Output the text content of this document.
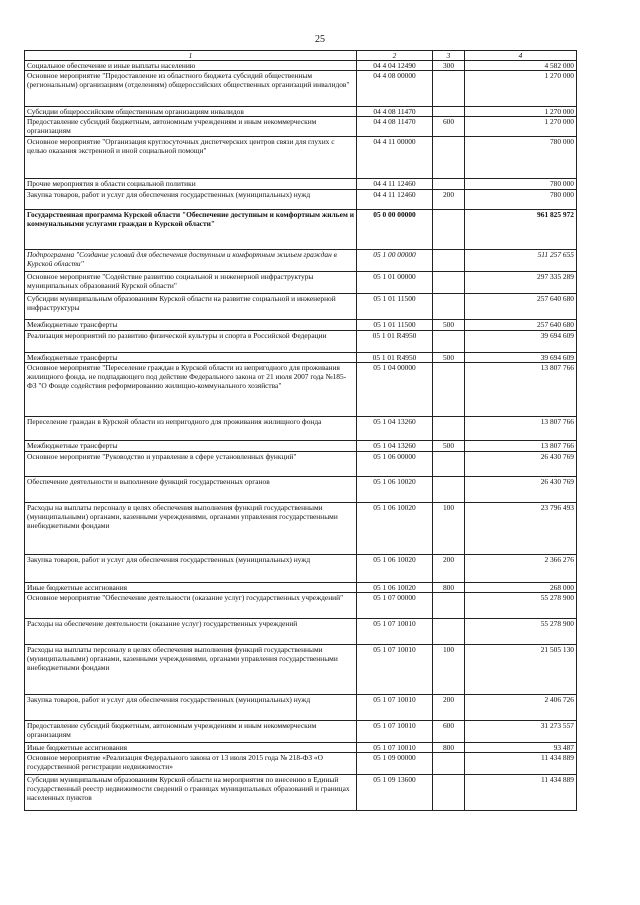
25
1	2	3	4
Социальное обеспечение и иные выплаты населению	04 4 04 12490	300	4 582 000
Основное мероприятие "Предоставление из областного бюджета субсидий общественным (региональным) организациям (отделениям) общероссийских общественных организаций инвалидов"	04 4 08 00000		1 270 000
Субсидии общероссийским общественным организациям инвалидов	04 4 08 11470		1 270 000
Предоставление субсидий бюджетным, автономным учреждениям и иным некоммерческим организациям	04 4 08 11470	600	1 270 000
Основное мероприятие "Организация круглосуточных диспетчерских центров связи для глухих с целью оказания экстренной и иной социальной помощи"	04 4 11 00000		780 000
Прочие мероприятия в области социальной политики	04 4 11 12460		780 000
Закупка товаров, работ и услуг для обеспечения государственных (муниципальных) нужд	04 4 11 12460	200	780 000
Государственная программа Курской области "Обеспечение доступным и комфортным жильем и коммунальными услугами граждан в Курской области"	05 0 00 00000		961 825 972
Подпрограмма "Создание условий для обеспечения доступным и комфортным жильем граждан в Курской области"	05 1 00 00000		511 257 655
Основное мероприятие "Содействие развитию социальной и инженерной инфраструктуры муниципальных образований Курской области"	05 1 01 00000		297 335 289
Субсидии муниципальным образованиям Курской области на развитие социальной и инженерной инфраструктуры	05 1 01 11500		257 640 680
Межбюджетные трансферты	05 1 01 11500	500	257 640 680
Реализация мероприятий по развитию физической культуры и спорта в Российской Федерации	05 1 01 R4950		39 694 609
Межбюджетные трансферты	05 1 01 R4950	500	39 694 609
Основное мероприятие "Переселение граждан в Курской области из непригодного для проживания жилищного фонда, не подпадающего под действие Федерального закона от 21 июля 2007 года №185-ФЗ "О Фонде содействия реформированию жилищно-коммунального хозяйства"	05 1 04 00000		13 807 766
Переселение граждан в Курской области из непригодного для проживания жилищного фонда	05 1 04 13260		13 807 766
Межбюджетные трансферты	05 1 04 13260	500	13 807 766
Основное мероприятие "Руководство и управление в сфере установленных функций"	05 1 06 00000		26 430 769
Обеспечение деятельности и выполнение функций государственных органов	05 1 06 10020		26 430 769
Расходы на выплаты персоналу в целях обеспечения выполнения функций государственными (муниципальными) органами, казенными учреждениями, органами управления государственными внебюджетными фондами	05 1 06 10020	100	23 796 493
Закупка товаров, работ и услуг для обеспечения государственных (муниципальных) нужд	05 1 06 10020	200	2 366 276
Иные бюджетные ассигнования	05 1 06 10020	800	268 000
Основное мероприятие "Обеспечение деятельности (оказание услуг) государственных учреждений"	05 1 07 00000		55 278 900
Расходы на обеспечение деятельности (оказание услуг) государственных учреждений	05 1 07 10010		55 278 900
Расходы на выплаты персоналу в целях обеспечения выполнения функций государственными (муниципальными) органами, казенными учреждениями, органами управления государственными внебюджетными фондами	05 1 07 10010	100	21 505 130
Закупка товаров, работ и услуг для обеспечения государственных (муниципальных) нужд	05 1 07 10010	200	2 406 726
Предоставление субсидий бюджетным, автономным учреждениям и иным некоммерческим организациям	05 1 07 10010	600	31 273 557
Иные бюджетные ассигнования	05 1 07 10010	800	93 487
Основное мероприятие «Реализация Федерального закона от 13 июля 2015 года № 218-ФЗ «О государственной регистрации недвижимости»	05 1 09 00000		11 434 889
Субсидии муниципальным образованиям Курской области на мероприятия по внесению в Единый государственный реестр недвижимости сведений о границах муниципальных образований и границах населенных пунктов	05 1 09 13600		11 434 889
